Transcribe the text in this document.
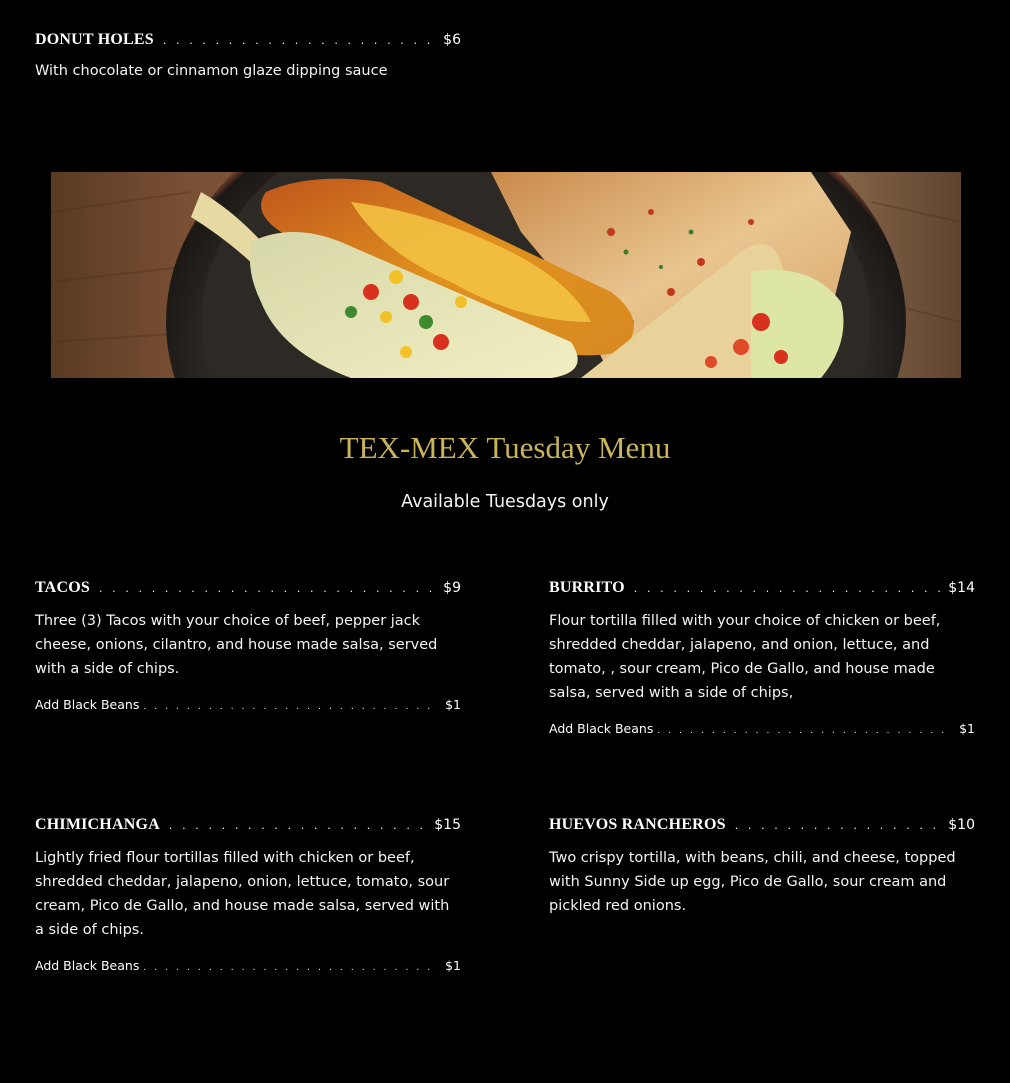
DONUT HOLES . . .	$6
With chocolate or cinnamon glaze dipping sauce
TEX-MEX Tuesday Menu
Available Tuesdays only
TACOS . . .	$9
Three (3) Tacos with your choice of beef, pepper jack cheese, onions, cilantro, and house made salsa, served with a side of chips.
Add Black Beans . . .	$1
BURRITO . . .	$14
Flour tortilla filled with your choice of chicken or beef, shredded cheddar, jalapeno, and onion, lettuce, and tomato, , sour cream, Pico de Gallo, and house made salsa, served with a side of chips,
Add Black Beans . . .	$1
CHIMICHANGA . . .	$15
Lightly fried flour tortillas filled with chicken or beef, shredded cheddar, jalapeno, onion, lettuce, tomato, sour cream, Pico de Gallo, and house made salsa, served with a side of chips.
Add Black Beans . . .	$1
HUEVOS RANCHEROS . . .	$10
Two crispy tortilla, with beans, chili, and cheese, topped with Sunny Side up egg, Pico de Gallo, sour cream and pickled red onions.
